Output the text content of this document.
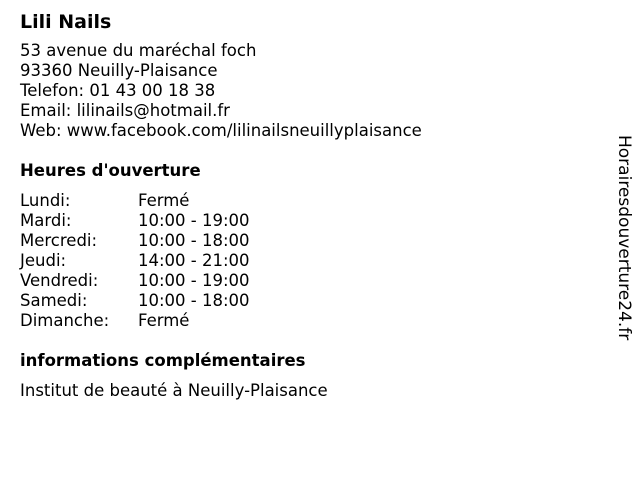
Lili Nails
53 avenue du maréchal foch
93360 Neuilly-Plaisance
Telefon: 01 43 00 18 38
Email: lilinails@hotmail.fr
Web: www.facebook.com/lilinailsneuillyplaisance
Heures d'ouverture
Lundi:	Fermé
Mardi:	10:00 - 19:00
Mercredi:	10:00 - 18:00
Jeudi:	14:00 - 21:00
Vendredi:	10:00 - 19:00
Samedi:	10:00 - 18:00
Dimanche:	Fermé
informations complémentaires
Institut de beauté à Neuilly-Plaisance
Horairesdouverture24.fr
